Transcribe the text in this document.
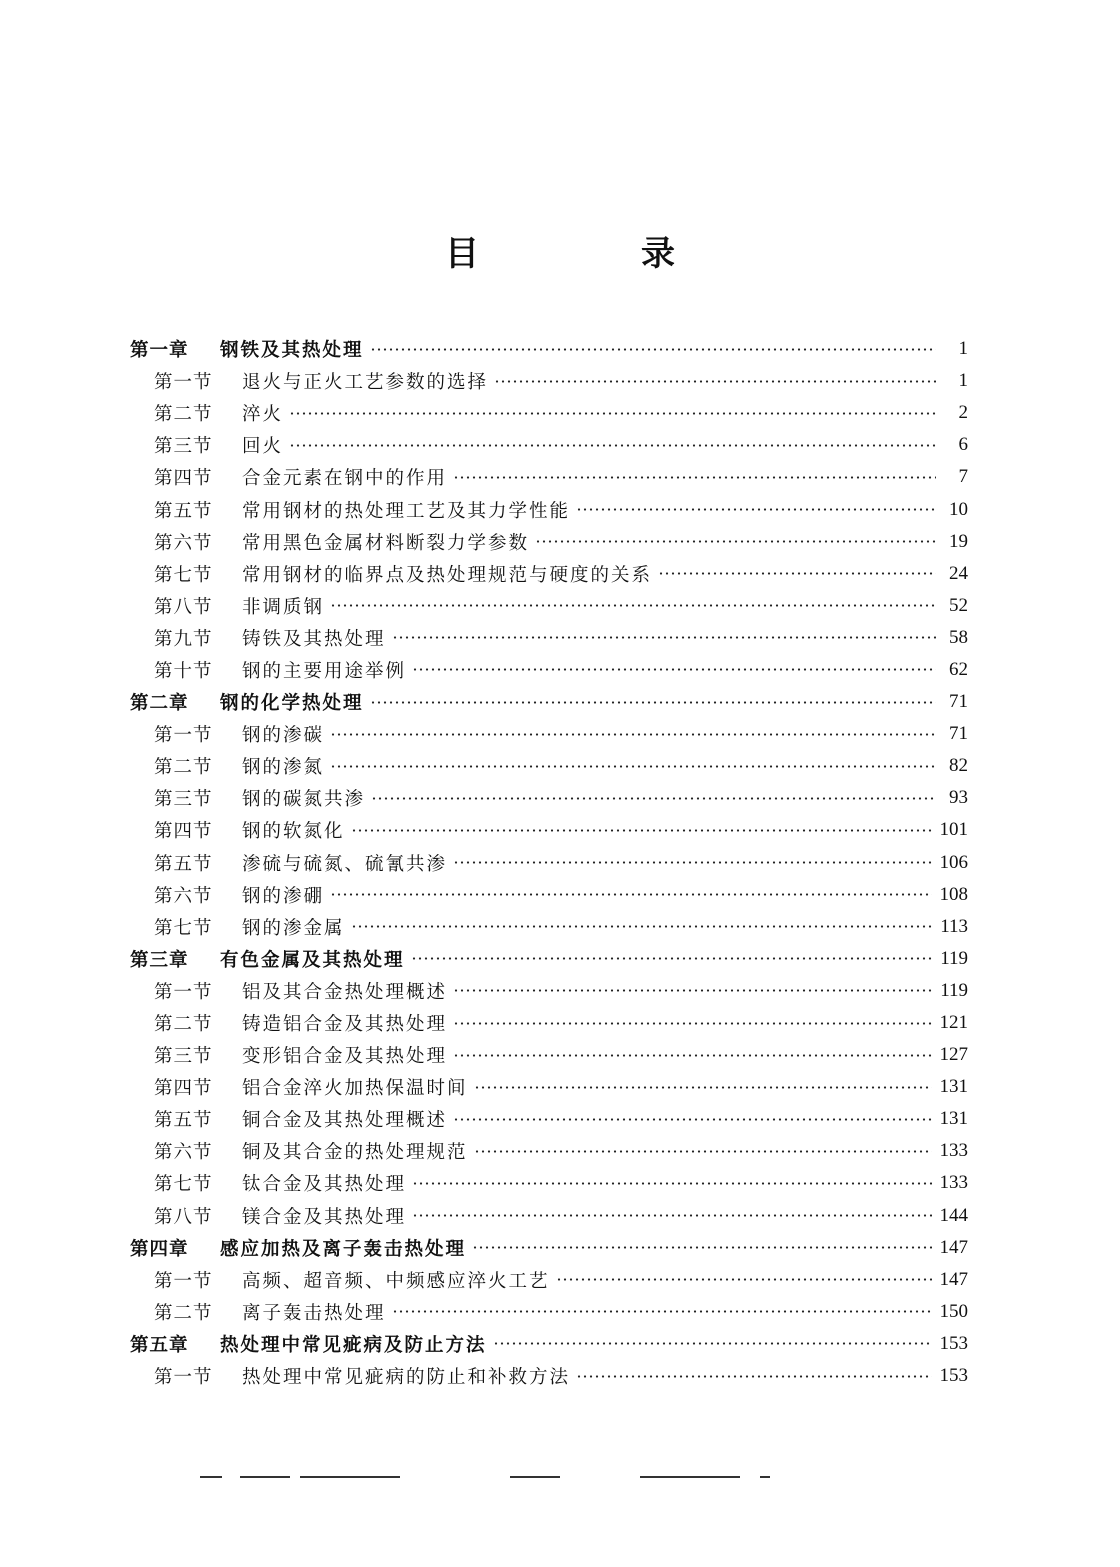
目　录
第一章	钢铁及其热处理	1
第一节	退火与正火工艺参数的选择	1
第二节	淬火	2
第三节	回火	6
第四节	合金元素在钢中的作用	7
第五节	常用钢材的热处理工艺及其力学性能	10
第六节	常用黑色金属材料断裂力学参数	19
第七节	常用钢材的临界点及热处理规范与硬度的关系	24
第八节	非调质钢	52
第九节	铸铁及其热处理	58
第十节	钢的主要用途举例	62
第二章	钢的化学热处理	71
第一节	钢的渗碳	71
第二节	钢的渗氮	82
第三节	钢的碳氮共渗	93
第四节	钢的软氮化	101
第五节	渗硫与硫氮、硫氰共渗	106
第六节	钢的渗硼	108
第七节	钢的渗金属	113
第三章	有色金属及其热处理	119
第一节	铝及其合金热处理概述	119
第二节	铸造铝合金及其热处理	121
第三节	变形铝合金及其热处理	127
第四节	铝合金淬火加热保温时间	131
第五节	铜合金及其热处理概述	131
第六节	铜及其合金的热处理规范	133
第七节	钛合金及其热处理	133
第八节	镁合金及其热处理	144
第四章	感应加热及离子轰击热处理	147
第一节	高频、超音频、中频感应淬火工艺	147
第二节	离子轰击热处理	150
第五章	热处理中常见疵病及防止方法	153
第一节	热处理中常见疵病的防止和补救方法	153
